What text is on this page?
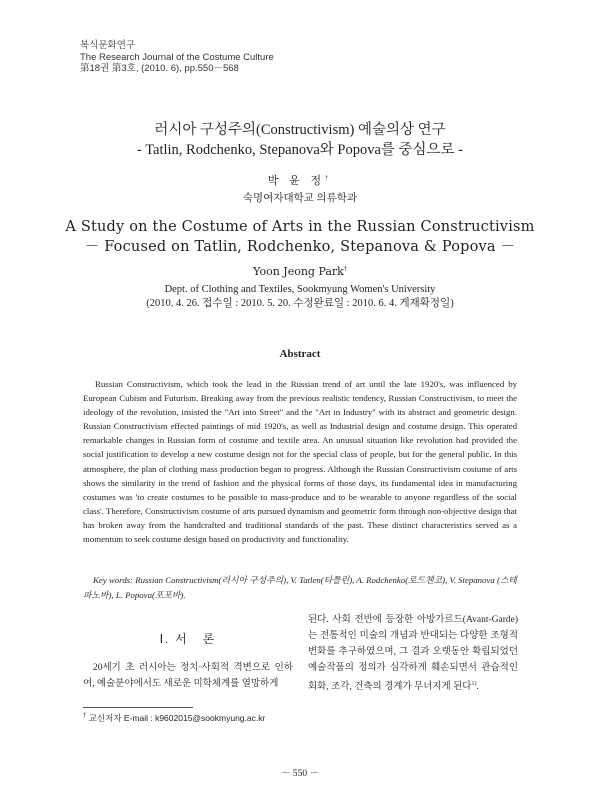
복식문화연구
The Research Journal of the Costume Culture
第18권 第3호, (2010. 6), pp.550－568
러시아 구성주의(Constructivism) 예술의상 연구
- Tatlin, Rodchenko, Stepanova와 Popova를 중심으로 -
박 윤 정†
숙명여자대학교 의류학과
A Study on the Costume of Arts in the Russian Constructivism
－ Focused on Tatlin, Rodchenko, Stepanova & Popova －
Yoon Jeong Park†
Dept. of Clothing and Textiles, Sookmyung Women's University
(2010. 4. 26. 접수일 : 2010. 5. 20. 수정완료일 : 2010. 6. 4. 게재확정일)
Abstract
Russian Constructivism, which took the lead in the Russian trend of art until the late 1920's, was influenced by European Cubism and Futurism. Breaking away from the previous realistic tendency, Russian Constructivism, to meet the ideology of the revolution, insisted the "Art into Street" and the "Art in Industry" with its abstract and geometric design. Russian Constructivism effected paintings of mid 1920's, as well as Industrial design and costume design. This operated remarkable changes in Russian form of costume and textile area. An unusual situation like revolution had provided the social justification to develop a new costume design not for the special class of people, but for the general public. In this atmosphere, the plan of clothing mass production began to progress. Although the Russian Constructivism costume of arts shows the similarity in the trend of fashion and the physical forms of those days, its fundamental idea in manufacturing costumes was 'to create costumes to be possible to mass-produce and to be wearable to anyone regardless of the social class'. Therefore, Constructivism costume of arts pursued dynamism and geometric form through non-objective design that has broken away from the handcrafted and traditional standards of the past. These distinct characteristics served as a momentum to seek costume design based on productivity and functionality.
Key words: Russian Constructivism(러시아 구성주의), V. Tatlen(타틀린), A. Rodchenko(로드첸코), V. Stepanova (스테파노바), L. Popova(포포바).
Ⅰ. 서　론
20세기 초 러시아는 정치·사회적 격변으로 인하여, 예술분야에서도 새로운 미학체계를 열망하게
된다. 사회 전반에 등장한 아방가르드(Avant-Garde)는 전통적인 미술의 개념과 반대되는 다양한 조형적 변화를 추구하였으며, 그 결과 오랫동안 확립되었던 예술작품의 정의가 심각하게 훼손되면서 관습적인 회화, 조각, 건축의 경계가 무너지게 된다$^{1)}$.
† 교신저자 E-mail : k9602015@sookmyung.ac.kr
－ 550 －
